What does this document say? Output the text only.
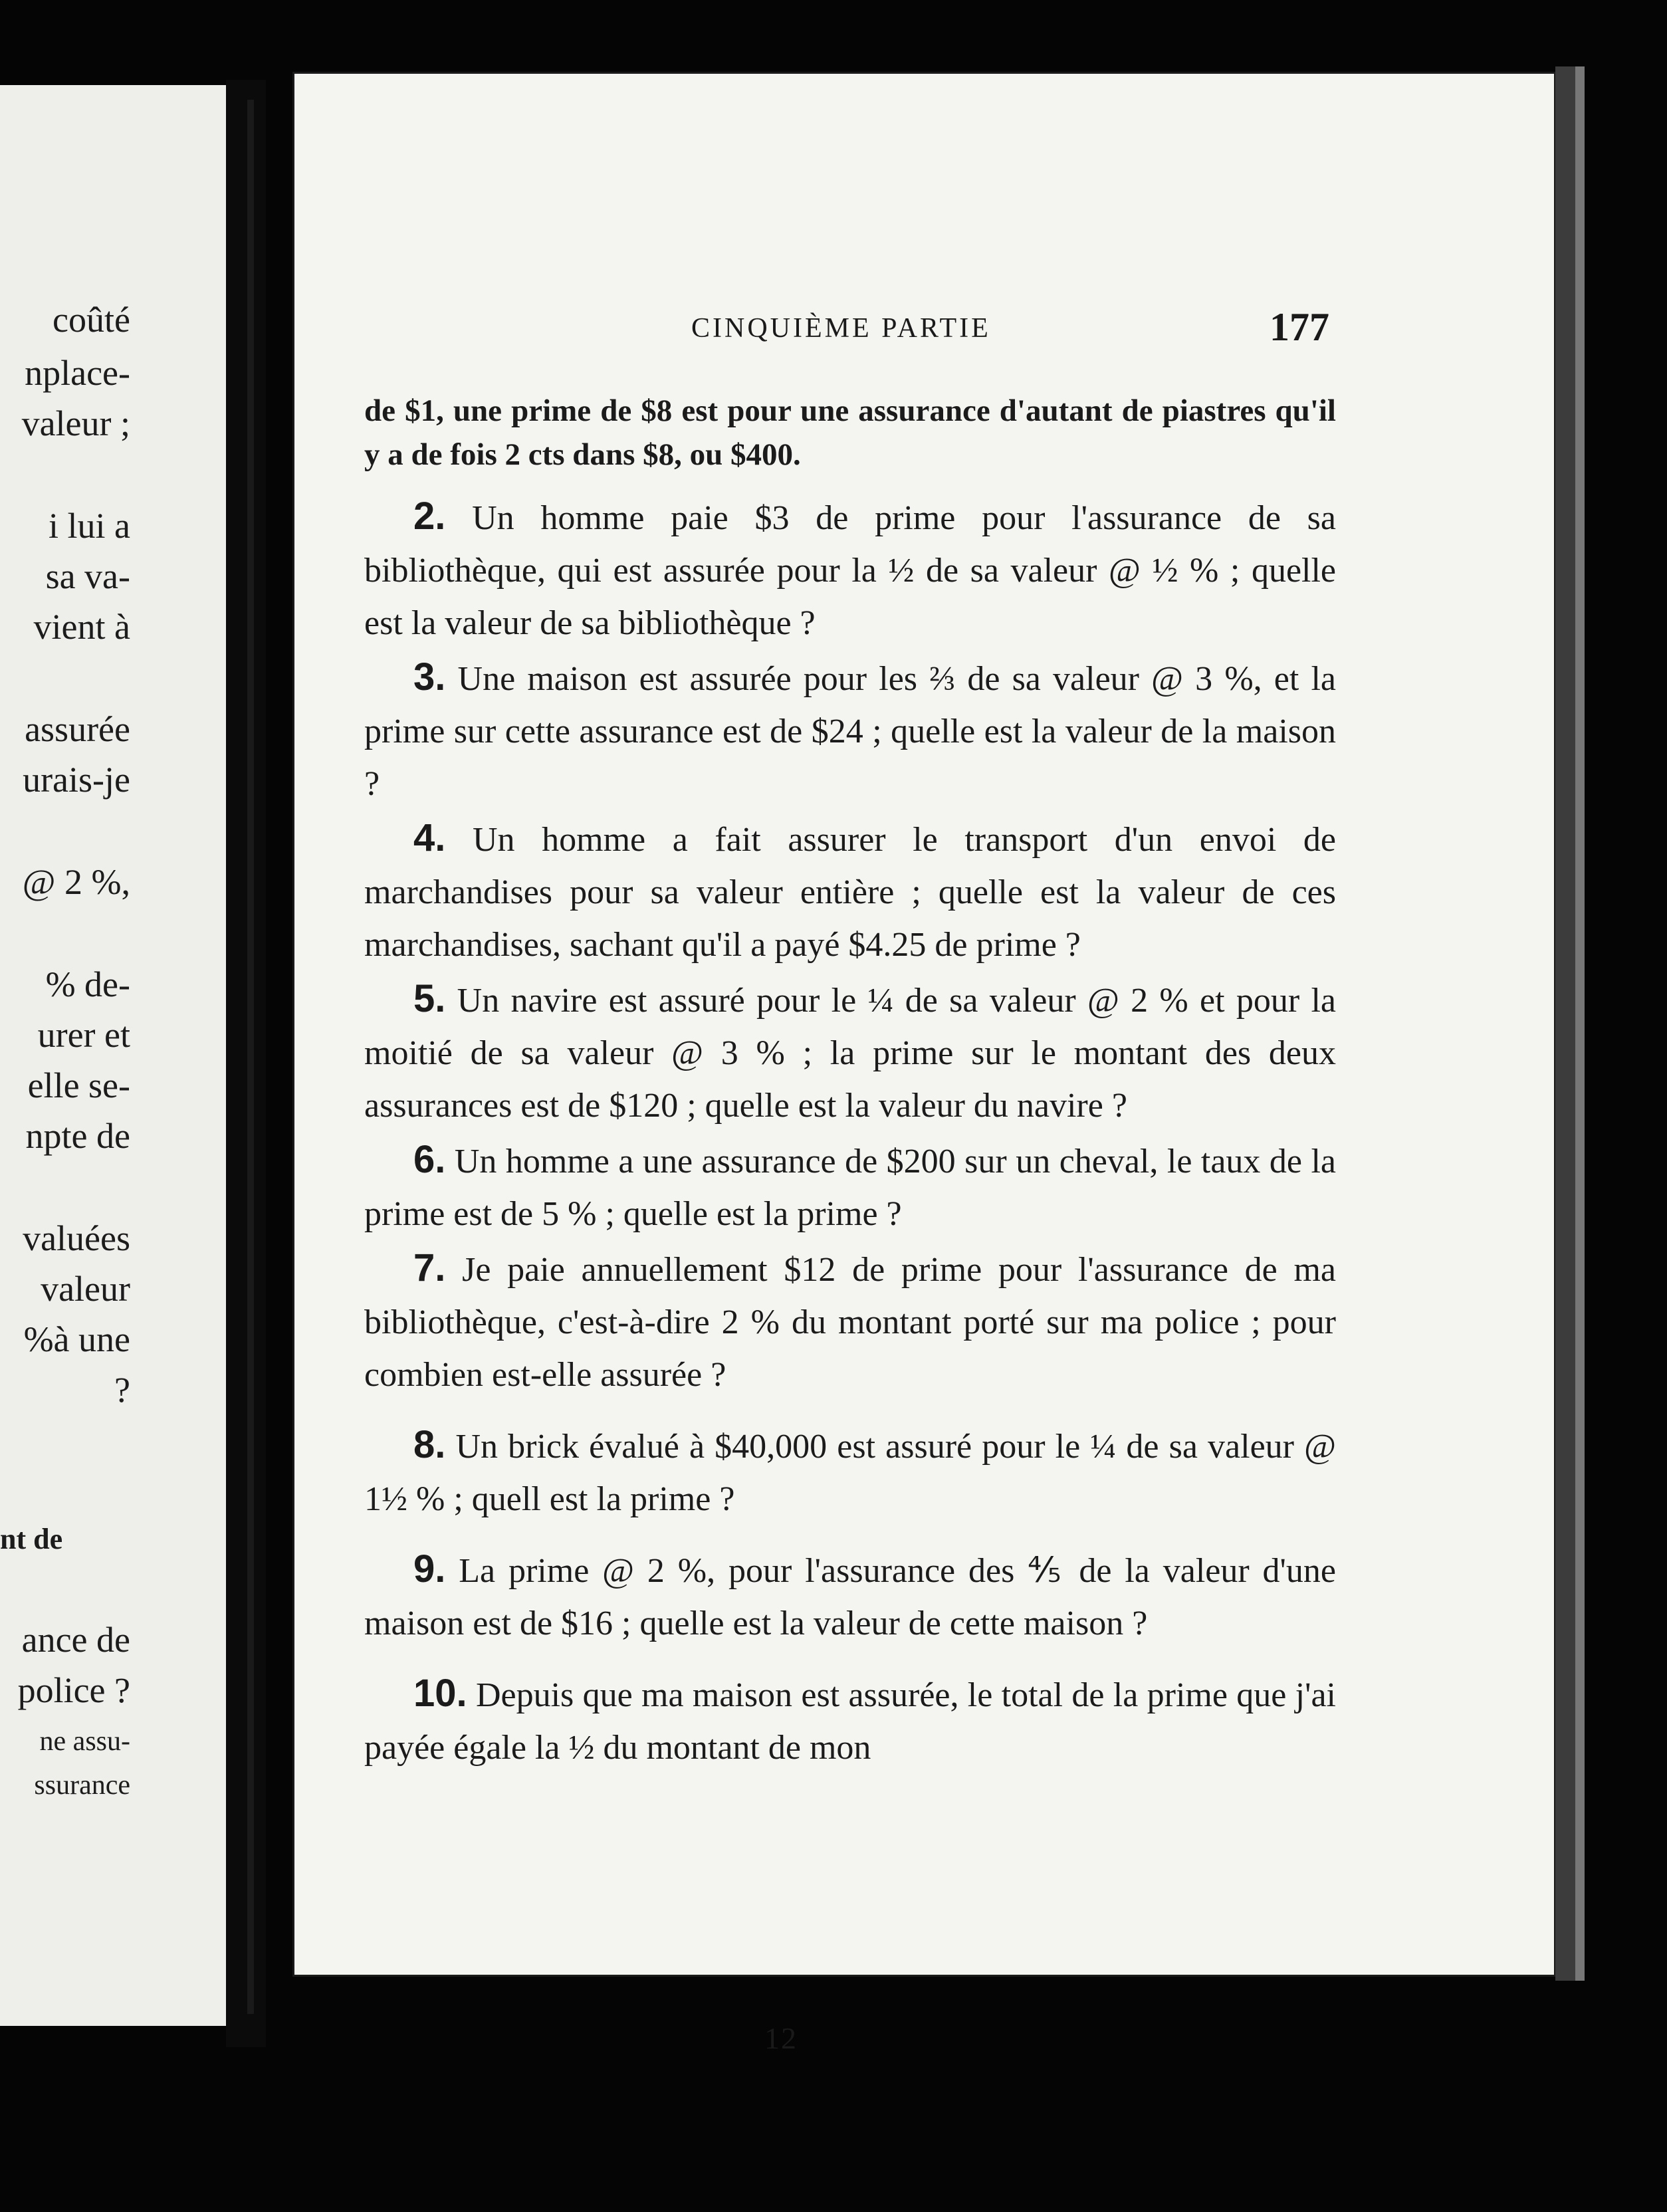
coûté
nplace-
valeur ;
i lui a
sa va-
vient à
assurée
urais-je
@ 2 %,
% de-
urer et
elle se-
npte de
valuées
valeur
%à une
?
nt de
ance de
police ?
ne assu-
ssurance
CINQUIÈME PARTIE	177

de $1, une prime de $8 est pour une assurance d'autant de piastres qu'il y a de fois 2 cts dans $8, ou $400.

2. Un homme paie $3 de prime pour l'assurance de sa bibliothèque, qui est assurée pour la ½ de sa valeur @ ½ % ; quelle est la valeur de sa bibliothèque ?

3. Une maison est assurée pour les ⅔ de sa valeur @ 3 %, et la prime sur cette assurance est de $24 ; quelle est la valeur de la maison ?

4. Un homme a fait assurer le transport d'un envoi de marchandises pour sa valeur entière ; quelle est la valeur de ces marchandises, sachant qu'il a payé $4.25 de prime ?

5. Un navire est assuré pour le ¼ de sa valeur @ 2 % et pour la moitié de sa valeur @ 3 % ; la prime sur le montant des deux assurances est de $120 ; quelle est la valeur du navire ?

6. Un homme a une assurance de $200 sur un cheval, le taux de la prime est de 5 % ; quelle est la prime ?

7. Je paie annuellement $12 de prime pour l'assurance de ma bibliothèque, c'est-à-dire 2 % du montant porté sur ma police ; pour combien est-elle assurée ?

8. Un brick évalué à $40,000 est assuré pour le ¼ de sa valeur @ 1½ % ; quell est la prime ?

9. La prime @ 2 %, pour l'assurance des ⅘ de la valeur d'une maison est de $16 ; quelle est la valeur de cette maison ?

10. Depuis que ma maison est assurée, le total de la prime que j'ai payée égale la ½ du montant de mon

12
